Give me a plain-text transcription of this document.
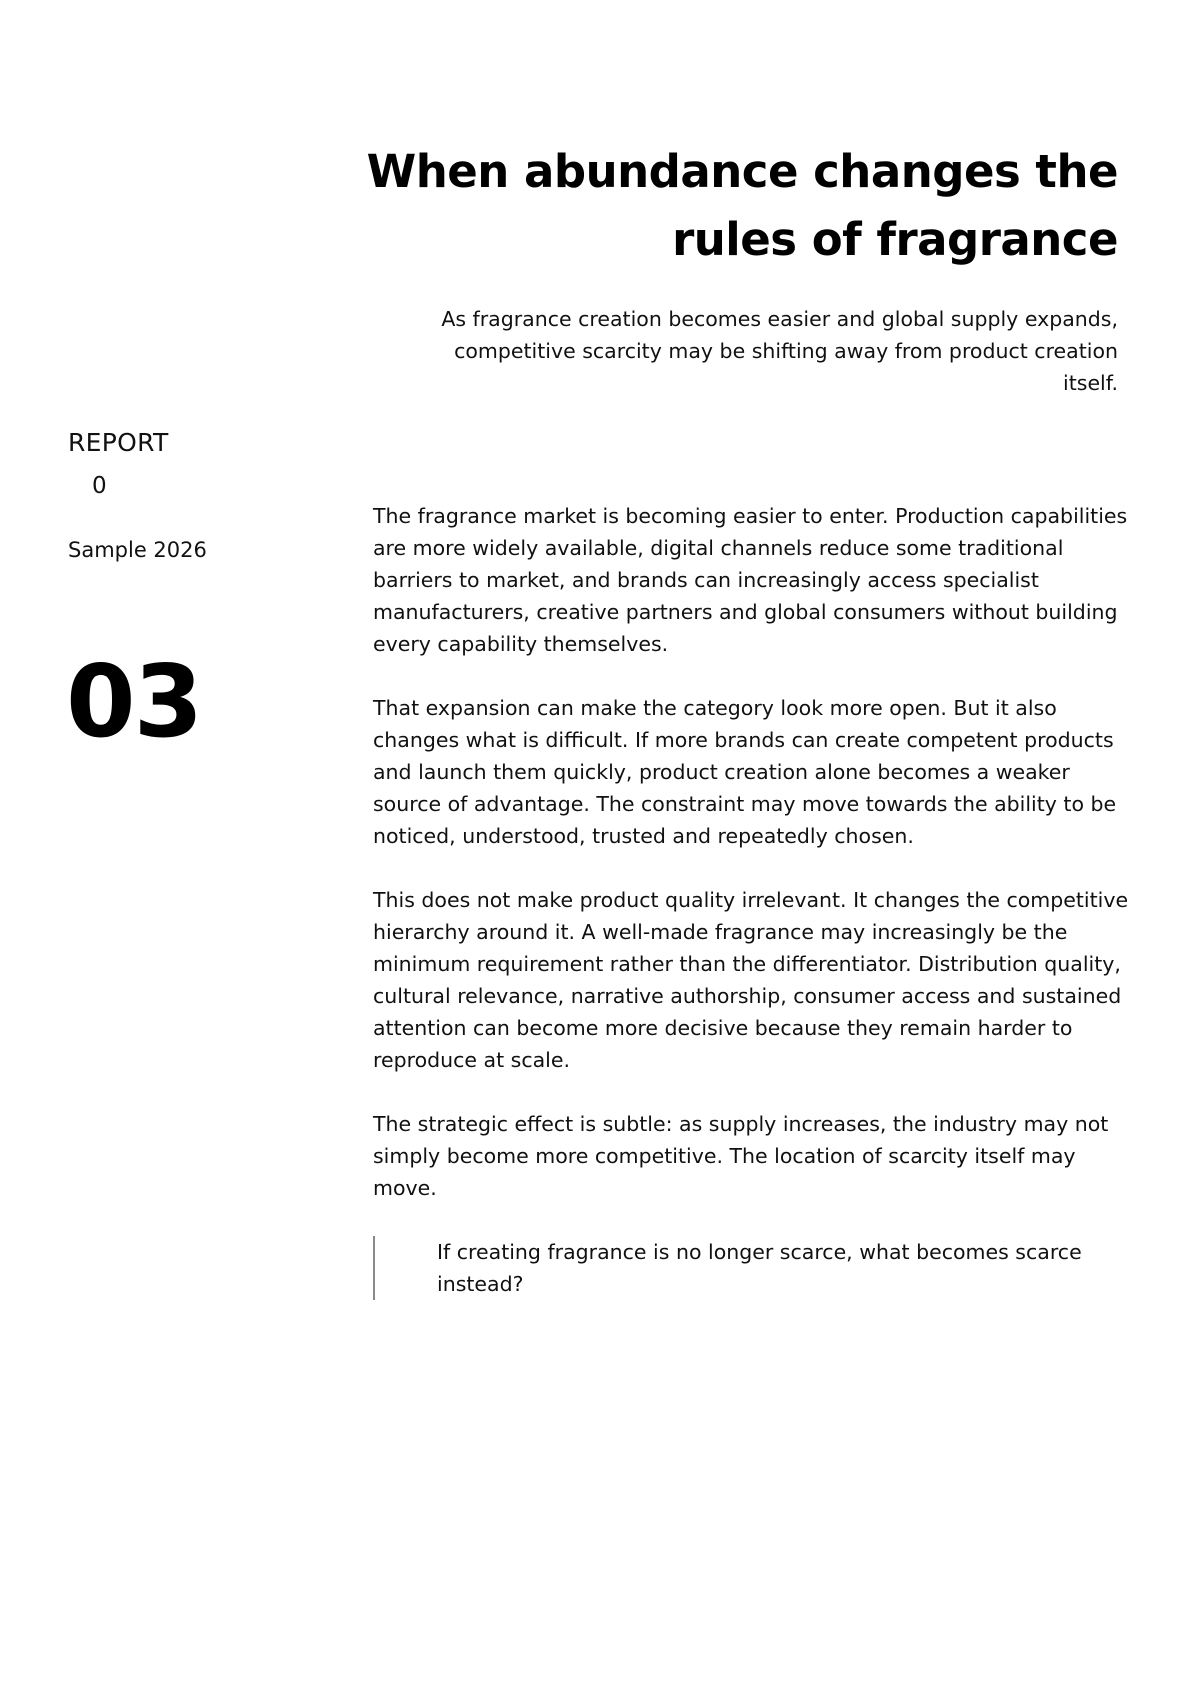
When abundance changes the rules of fragrance

As fragrance creation becomes easier and global supply expands, competitive scarcity may be shifting away from product creation itself.

REPORT
0
Sample 2026
03

The fragrance market is becoming easier to enter. Production capabilities are more widely available, digital channels reduce some traditional barriers to market, and brands can increasingly access specialist manufacturers, creative partners and global consumers without building every capability themselves.

That expansion can make the category look more open. But it also changes what is difficult. If more brands can create competent products and launch them quickly, product creation alone becomes a weaker source of advantage. The constraint may move towards the ability to be noticed, understood, trusted and repeatedly chosen.

This does not make product quality irrelevant. It changes the competitive hierarchy around it. A well-made fragrance may increasingly be the minimum requirement rather than the differentiator. Distribution quality, cultural relevance, narrative authorship, consumer access and sustained attention can become more decisive because they remain harder to reproduce at scale.

The strategic effect is subtle: as supply increases, the industry may not simply become more competitive. The location of scarcity itself may move.

If creating fragrance is no longer scarce, what becomes scarce instead?
